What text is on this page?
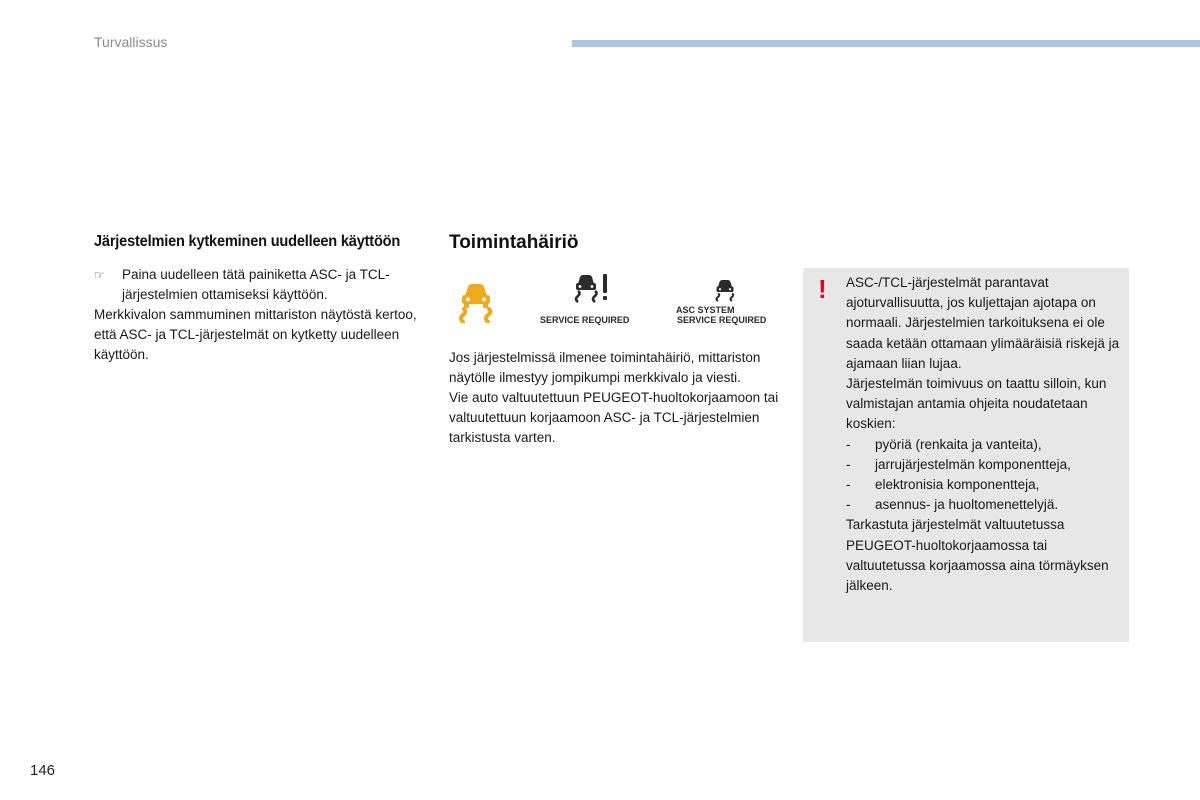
Turvallissus
Järjestelmien kytkeminen uudelleen käyttöön
☞	Paina uudelleen tätä painiketta ASC- ja TCL-järjestelmien ottamiseksi käyttöön.
Merkkivalon sammuminen mittariston näytöstä kertoo, että ASC- ja TCL-järjestelmät on kytketty uudelleen käyttöön.
Toimintahäiriö
SERVICE REQUIRED
ASC SYSTEM
SERVICE REQUIRED

Jos järjestelmissä ilmenee toimintahäiriö, mittariston näytölle ilmestyy jompikumpi merkkivalo ja viesti.

Vie auto valtuutettuun PEUGEOT-huoltokorjaamoon tai valtuutettuun korjaamoon ASC- ja TCL-järjestelmien tarkistusta varten.

! ASC-/TCL-järjestelmät parantavat ajoturvallisuutta, jos kuljettajan ajotapa on normaali. Järjestelmien tarkoituksena ei ole saada ketään ottamaan ylimääräisiä riskejä ja ajamaan liian lujaa.

Järjestelmän toimivuus on taattu silloin, kun valmistajan antamia ohjeita noudatetaan koskien:

-	pyöriä (renkaita ja vanteita),
-	jarrujärjestelmän komponentteja,
-	elektronisia komponentteja,
-	asennus- ja huoltomenettelyjä.

Tarkastuta järjestelmät valtuutetussa PEUGEOT-huoltokorjaamossa tai valtuutetussa korjaamossa aina törmäyksen jälkeen.

146
